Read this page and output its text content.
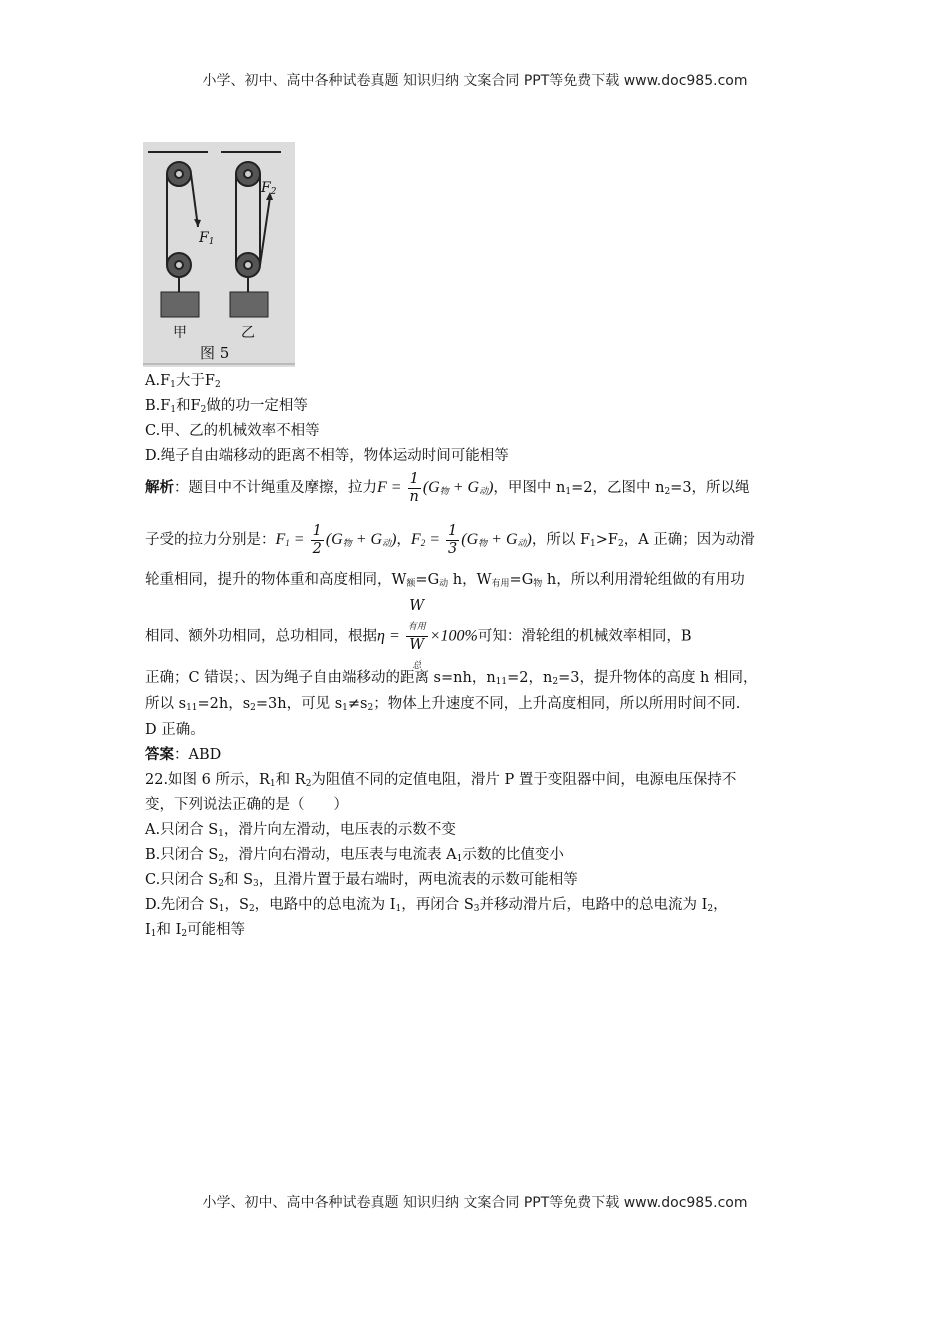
小学、初中、高中各种试卷真题 知识归纳 文案合同 PPT等免费下载 www.doc985.com
$F_1$
$F_2$
甲	乙
图 5
$A.F_1$大于$F_2$
$B.F_1$和$F_2$做的功一定相等
C.甲、乙的机械效率不相等
D.绳子自由端移动的距离不相等，物体运动时间可能相等
解析：题目中不计绳重及摩擦，拉力$F = \frac{1}{n} (G_物 + G_动)$，甲图中 $n_1=2$，乙图中 $n_2=3$，所以绳
子受的拉力分别是：$F_1 = \frac{1}{2} (G_物 + G_动)$，$F_2 = \frac{1}{3} (G_物 + G_动)$，所以 $F_1>F_2$，A 正确；因为动滑
轮重相同，提升的物体重和高度相同，$W_额=G_动$ h，$W_{有用}=G_物$ h，所以利用滑轮组做的有用功
相同、额外功相同，总功相同，根据η = W
$_{有用}$
W
$_总$ ×100%可知：滑轮组的机械效率相同，B
正确；C 错误；、因为绳子自由端移动的距离 s=nh，$n_{11}=2$，$n_2=3$，提升物体的高度 h 相同，
所以 $s_{11}=2h$，$s_2=3h$，可见 $s_1\ne s_2$；物体上升速度不同，上升高度相同，所以所用时间不同.
D 正确。
答案：ABD
22.如图 6 所示，$R_1$和 $R_2$为阻值不同的定值电阻，滑片 P 置于变阻器中间，电源电压保持不
变，下列说法正确的是（　　）
A.只闭合 $S_1$，滑片向左滑动，电压表的示数不变
B.只闭合 $S_2$，滑片向右滑动，电压表与电流表 $A_1$示数的比值变小
C.只闭合 $S_2$和 $S_3$，且滑片置于最右端时，两电流表的示数可能相等
D.先闭合 $S_1$，$S_2$，电路中的总电流为 $I_1$，再闭合 $S_3$并移动滑片后，电路中的总电流为 $I_2$，
$I_1$和 $I_2$可能相等
小学、初中、高中各种试卷真题 知识归纳 文案合同 PPT等免费下载 www.doc985.com
